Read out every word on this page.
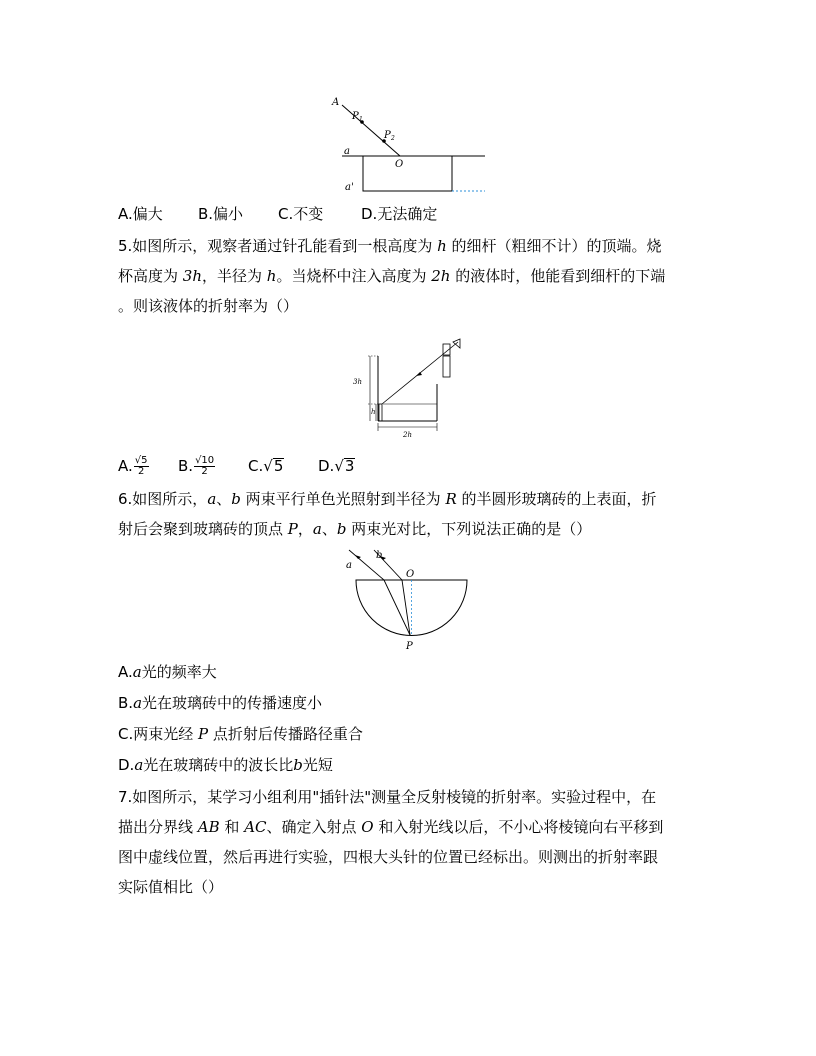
A
P 1
P 2
a
O
a'
A.偏大 B.偏小 C.不变	D.无法确定
5.如图所示，观察者通过针孔能看到一根高度为 h 的细杆（粗细不计）的顶端。烧
杯高度为 3h，半径为 h。当烧杯中注入高度为 2h 的液体时，他能看到细杆的下端
。则该液体的折射率为（）
3h
h
2h
A. $\frac{√5}{2} B$. $\frac{√10}{2} C.√5$ D.√3
6.如图所示，a、b 两束平行单色光照射到半径为 R 的半圆形玻璃砖的上表面，折
射后会聚到玻璃砖的顶点 P，a、b 两束光对比，下列说法正确的是（）
a
b
O
P
A.a光的频率大
B.a光在玻璃砖中的传播速度小
C.两束光经 P 点折射后传播路径重合
D.a光在玻璃砖中的波长比b光短
7.如图所示，某学习小组利用"插针法"测量全反射棱镜的折射率。实验过程中，在
描出分界线 AB 和 AC、确定入射点 O 和入射光线以后，不小心将棱镜向右平移到
图中虚线位置，然后再进行实验，四根大头针的位置已经标出。则测出的折射率跟
实际值相比（）
